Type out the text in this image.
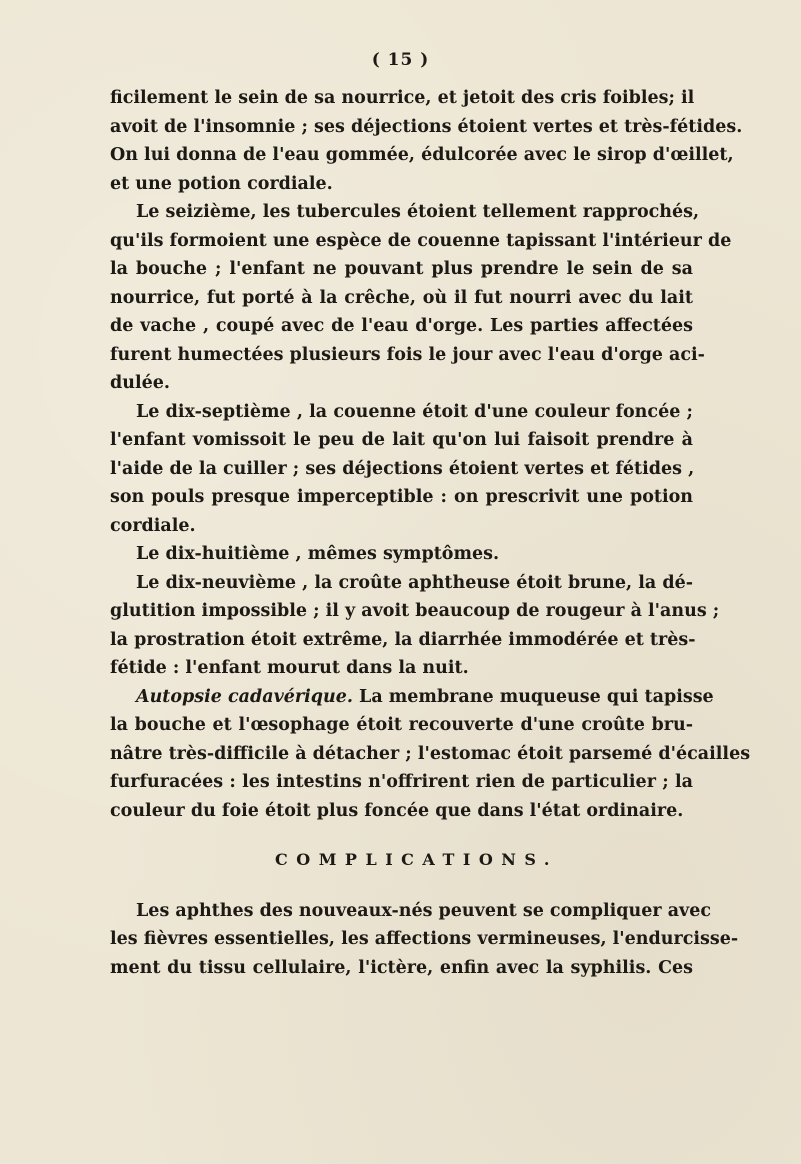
( 15 )
ficilement le sein de sa nourrice, et jetoit des cris foibles; il
avoit de l'insomnie ; ses déjections étoient vertes et très-fétides.
On lui donna de l'eau gommée, édulcorée avec le sirop d'œillet,
et une potion cordiale.
Le seizième, les tubercules étoient tellement rapprochés,
qu'ils formoient une espèce de couenne tapissant l'intérieur de
la bouche ; l'enfant ne pouvant plus prendre le sein de sa
nourrice, fut porté à la crêche, où il fut nourri avec du lait
de vache , coupé avec de l'eau d'orge. Les parties affectées
furent humectées plusieurs fois le jour avec l'eau d'orge aci-
dulée.
Le dix-septième , la couenne étoit d'une couleur foncée ;
l'enfant vomissoit le peu de lait qu'on lui faisoit prendre à
l'aide de la cuiller ; ses déjections étoient vertes et fétides ,
son pouls presque imperceptible : on prescrivit une potion
cordiale.
Le dix-huitième , mêmes symptômes.
Le dix-neuvième , la croûte aphtheuse étoit brune, la dé-
glutition impossible ; il y avoit beaucoup de rougeur à l'anus ;
la prostration étoit extrême, la diarrhée immodérée et très-
fétide : l'enfant mourut dans la nuit.
Autopsie cadavérique. La membrane muqueuse qui tapisse
la bouche et l'œsophage étoit recouverte d'une croûte bru-
nâtre très-difficile à détacher ; l'estomac étoit parsemé d'écailles
furfuracées : les intestins n'offrirent rien de particulier ; la
couleur du foie étoit plus foncée que dans l'état ordinaire.
COMPLICATIONS.
Les aphthes des nouveaux-nés peuvent se compliquer avec
les fièvres essentielles, les affections vermineuses, l'endurcisse-
ment du tissu cellulaire, l'ictère, enfin avec la syphilis. Ces
